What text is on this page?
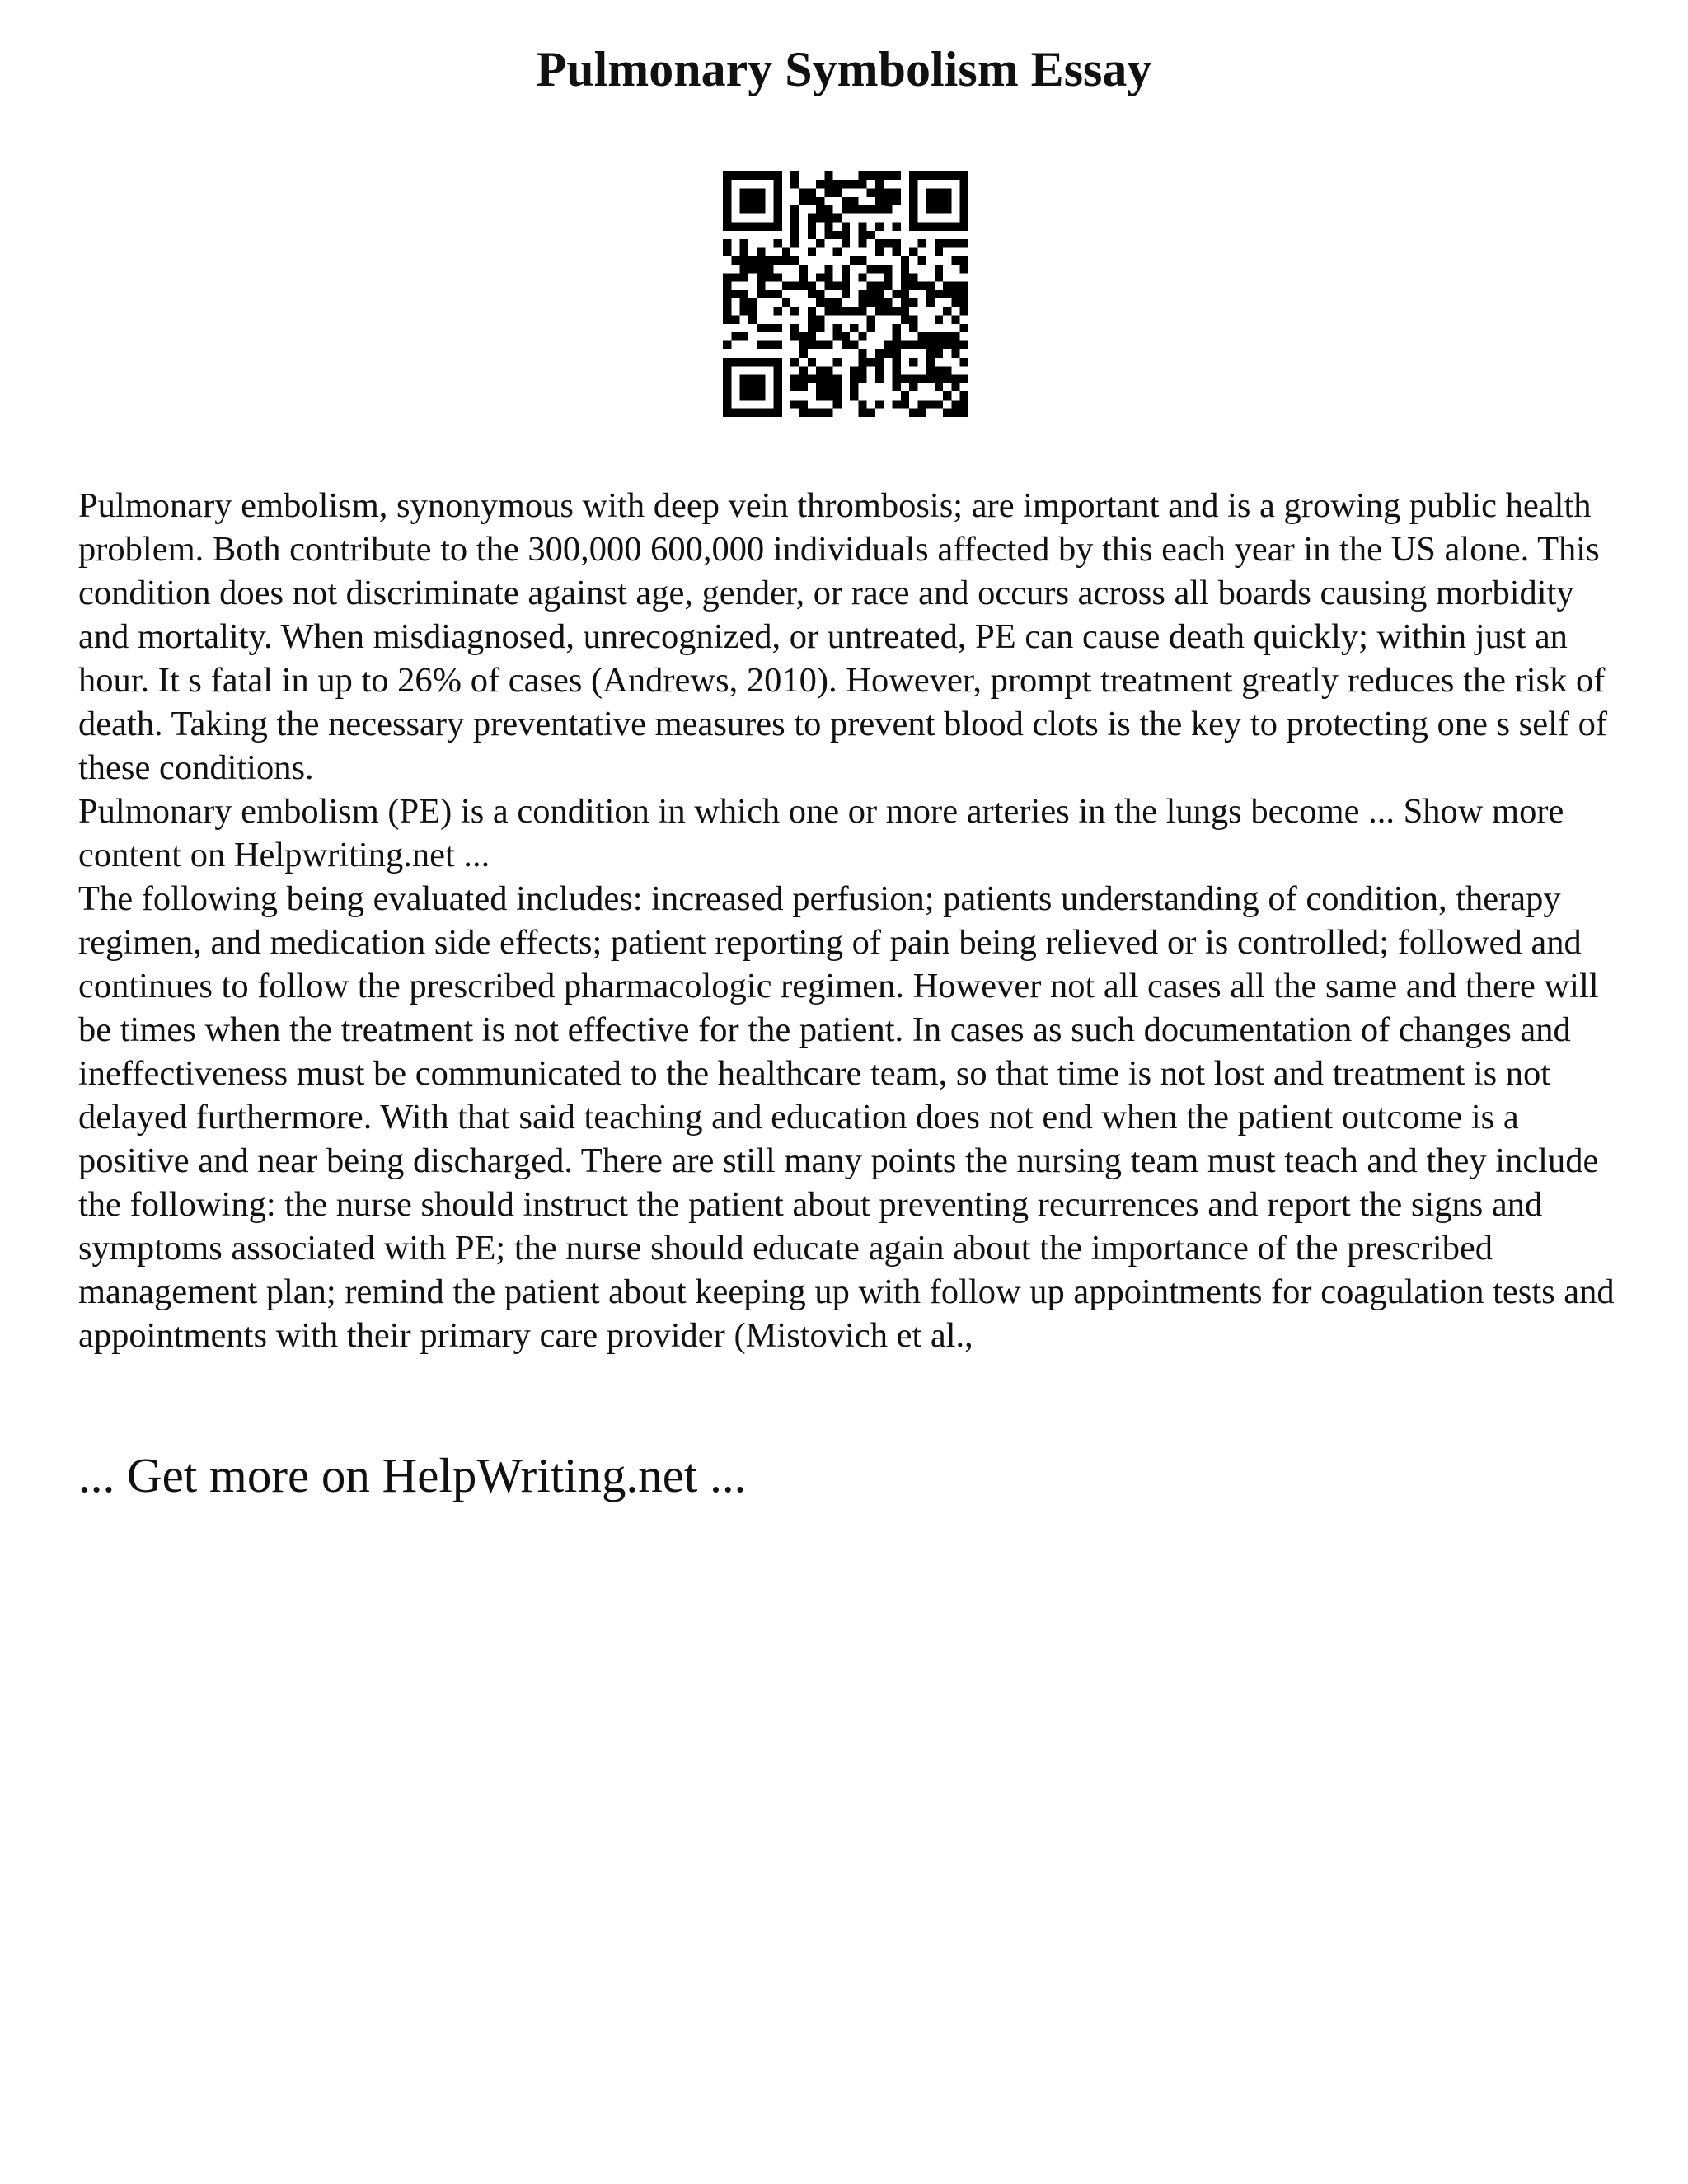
Pulmonary Symbolism Essay

Pulmonary embolism, synonymous with deep vein thrombosis; are important and is a growing public health problem. Both contribute to the 300,000 600,000 individuals affected by this each year in the US alone. This condition does not discriminate against age, gender, or race and occurs across all boards causing morbidity and mortality. When misdiagnosed, unrecognized, or untreated, PE can cause death quickly; within just an hour. It s fatal in up to 26% of cases (Andrews, 2010). However, prompt treatment greatly reduces the risk of death. Taking the necessary preventative measures to prevent blood clots is the key to protecting one s self of these conditions.

Pulmonary embolism (PE) is a condition in which one or more arteries in the lungs become ... Show more content on Helpwriting.net ...

The following being evaluated includes: increased perfusion; patients understanding of condition, therapy regimen, and medication side effects; patient reporting of pain being relieved or is controlled; followed and continues to follow the prescribed pharmacologic regimen. However not all cases all the same and there will be times when the treatment is not effective for the patient. In cases as such documentation of changes and ineffectiveness must be communicated to the healthcare team, so that time is not lost and treatment is not delayed furthermore. With that said teaching and education does not end when the patient outcome is a positive and near being discharged. There are still many points the nursing team must teach and they include the following: the nurse should instruct the patient about preventing recurrences and report the signs and symptoms associated with PE; the nurse should educate again about the importance of the prescribed management plan; remind the patient about keeping up with follow up appointments for coagulation tests and appointments with their primary care provider (Mistovich et al.,

... Get more on HelpWriting.net ...
